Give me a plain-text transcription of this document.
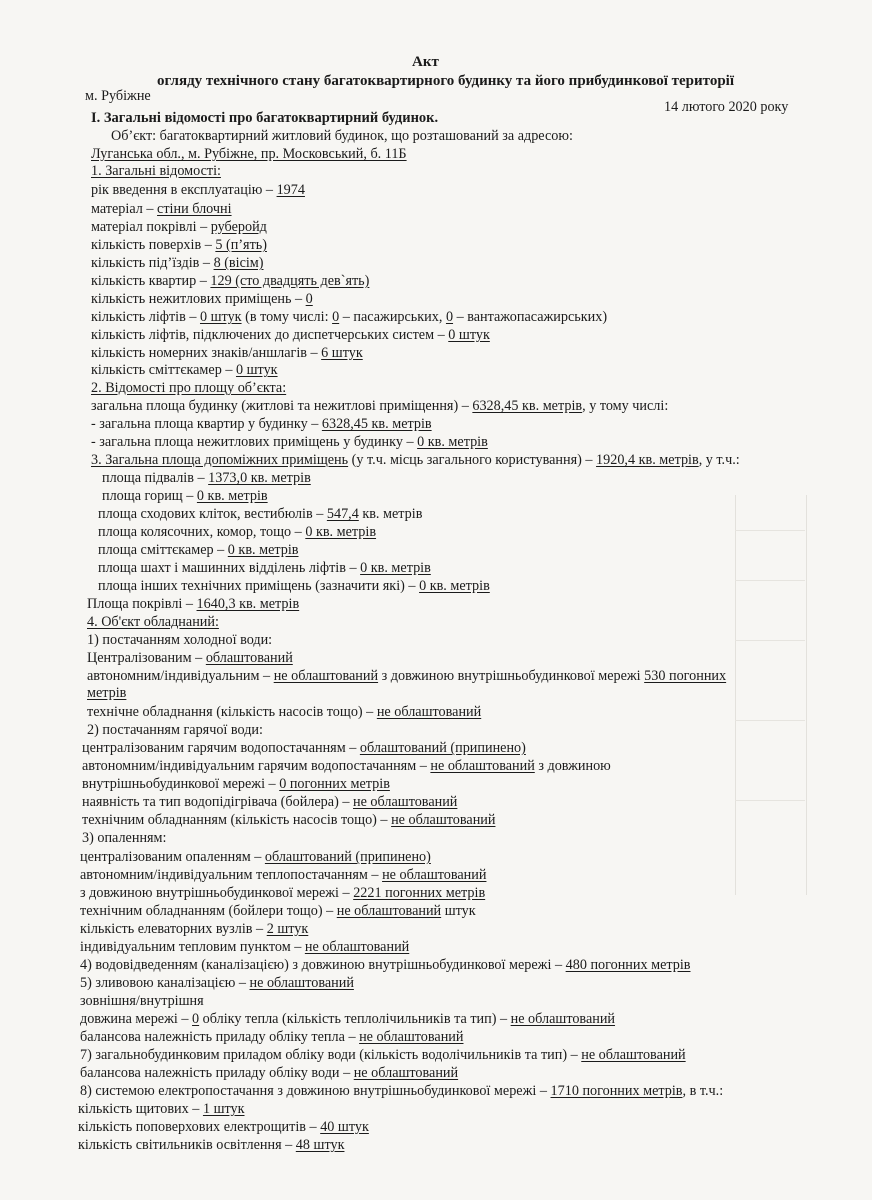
Акт
огляду технічного стану багатоквартирного будинку та його прибудинкової території
м. Рубіжне
14 лютого 2020 року
І. Загальні відомості про багатоквартирний будинок.
Об’єкт: багатоквартирний житловий будинок, що розташований за адресою:
Луганська обл., м. Рубіжне, пр. Московський, б. 11Б
1. Загальні відомості:
рік введення в експлуатацію – 1974
матеріал – стіни блочні
матеріал покрівлі – руберойд
кількість поверхів – 5 (п’ять)
кількість під’їздів – 8 (вісім)
кількість квартир – 129 (сто двадцять дев`ять)
кількість нежитлових приміщень – 0
кількість ліфтів – 0 штук (в тому числі: 0 – пасажирських, 0 – вантажопасажирських)
кількість ліфтів, підключених до диспетчерських систем – 0 штук
кількість номерних знаків/аншлагів – 6 штук
кількість сміттєкамер – 0 штук
2. Відомості про площу об’єкта:
загальна площа будинку (житлові та нежитлові приміщення) – 6328,45 кв. метрів, у тому числі:
- загальна площа квартир у будинку – 6328,45 кв. метрів
- загальна площа нежитлових приміщень у будинку – 0 кв. метрів
3. Загальна площа допоміжних приміщень (у т.ч. місць загального користування) – 1920,4 кв. метрів, у т.ч.:
площа підвалів – 1373,0 кв. метрів
площа горищ – 0 кв. метрів
площа сходових кліток, вестибюлів – 547,4 кв. метрів
площа колясочних, комор, тощо – 0 кв. метрів
площа сміттєкамер – 0 кв. метрів
площа шахт і машинних відділень ліфтів – 0 кв. метрів
площа інших технічних приміщень (зазначити які) – 0 кв. метрів
Площа покрівлі – 1640,3 кв. метрів
4. Об'єкт обладнаний:
1) постачанням холодної води:
Централізованим – облаштований
автономним/індивідуальним – не облаштований з довжиною внутрішньобудинкової мережі 530 погонних
метрів
технічне обладнання (кількість насосів тощо) – не облаштований
2) постачанням гарячої води:
централізованим гарячим водопостачанням – облаштований (припинено)
автономним/індивідуальним гарячим водопостачанням – не облаштований з довжиною
внутрішньобудинкової мережі – 0 погонних метрів
наявність та тип водопідігрівача (бойлера) – не облаштований
технічним обладнанням (кількість насосів тощо) – не облаштований
3) опаленням:
централізованим опаленням – облаштований (припинено)
автономним/індивідуальним теплопостачанням – не облаштований
з довжиною внутрішньобудинкової мережі – 2221 погонних метрів
технічним обладнанням (бойлери тощо) – не облаштований штук
кількість елеваторних вузлів – 2 штук
індивідуальним тепловим пунктом – не облаштований
4) водовідведенням (каналізацією) з довжиною внутрішньобудинкової мережі – 480 погонних метрів
5) зливовою каналізацією – не облаштований
зовнішня/внутрішня
довжина мережі – 0 обліку тепла (кількість теплолічильників та тип) – не облаштований
балансова належність приладу обліку тепла – не облаштований
7) загальнобудинковим приладом обліку води (кількість водолічильників та тип) – не облаштований
балансова належність приладу обліку води – не облаштований
8) системою електропостачання з довжиною внутрішньобудинкової мережі – 1710 погонних метрів, в т.ч.:
кількість щитових – 1 штук
кількість поповерхових електрощитів – 40 штук
кількість світильників освітлення – 48 штук
